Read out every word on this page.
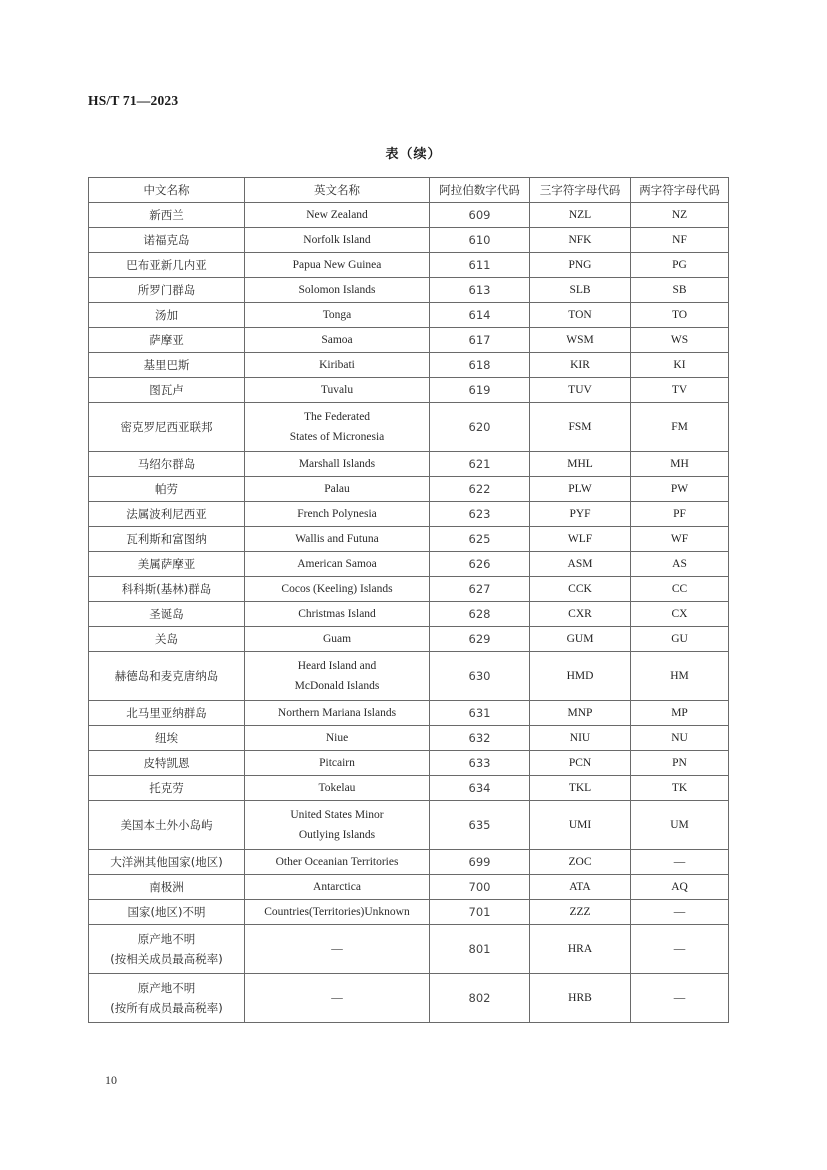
HS/T 71—2023
表（续）
中文名称	英文名称	阿拉伯数字代码	三字符字母代码	两字符字母代码

新西兰	New Zealand	609	NZL	NZ

诺福克岛	Norfolk Island	610	NFK	NF

巴布亚新几内亚	Papua New Guinea	611	PNG	PG

所罗门群岛	Solomon Islands	613	SLB	SB

汤加	Tonga	614	TON	TO

萨摩亚	Samoa	617	WSM	WS

基里巴斯	Kiribati	618	KIR	KI

图瓦卢	Tuvalu	619	TUV	TV

密克罗尼西亚联邦	The Federated
States of Micronesia	620	FSM	FM

马绍尔群岛	Marshall Islands	621	MHL	MH

帕劳	Palau	622	PLW	PW

法属波利尼西亚	French Polynesia	623	PYF	PF

瓦利斯和富图纳	Wallis and Futuna	625	WLF	WF

美属萨摩亚	American Samoa	626	ASM	AS

科科斯(基林)群岛	Cocos (Keeling) Islands	627	CCK	CC

圣诞岛	Christmas Island	628	CXR	CX

关岛	Guam	629	GUM	GU

赫德岛和麦克唐纳岛	Heard Island and
McDonald Islands	630	HMD	HM

北马里亚纳群岛	Northern Mariana Islands	631	MNP	MP

纽埃	Niue	632	NIU	NU

皮特凯恩	Pitcairn	633	PCN	PN

托克劳	Tokelau	634	TKL	TK

美国本土外小岛屿	United States Minor
Outlying Islands	635	UMI	UM

大洋洲其他国家(地区)	Other Oceanian Territories	699	ZOC	—

南极洲	Antarctica	700	ATA	AQ

国家(地区)不明	Countries(Territories)Unknown	701	ZZZ	—

原产地不明
(按相关成员最高税率)	—	801	HRA	—

原产地不明
(按所有成员最高税率)	—	802	HRB	—
10
